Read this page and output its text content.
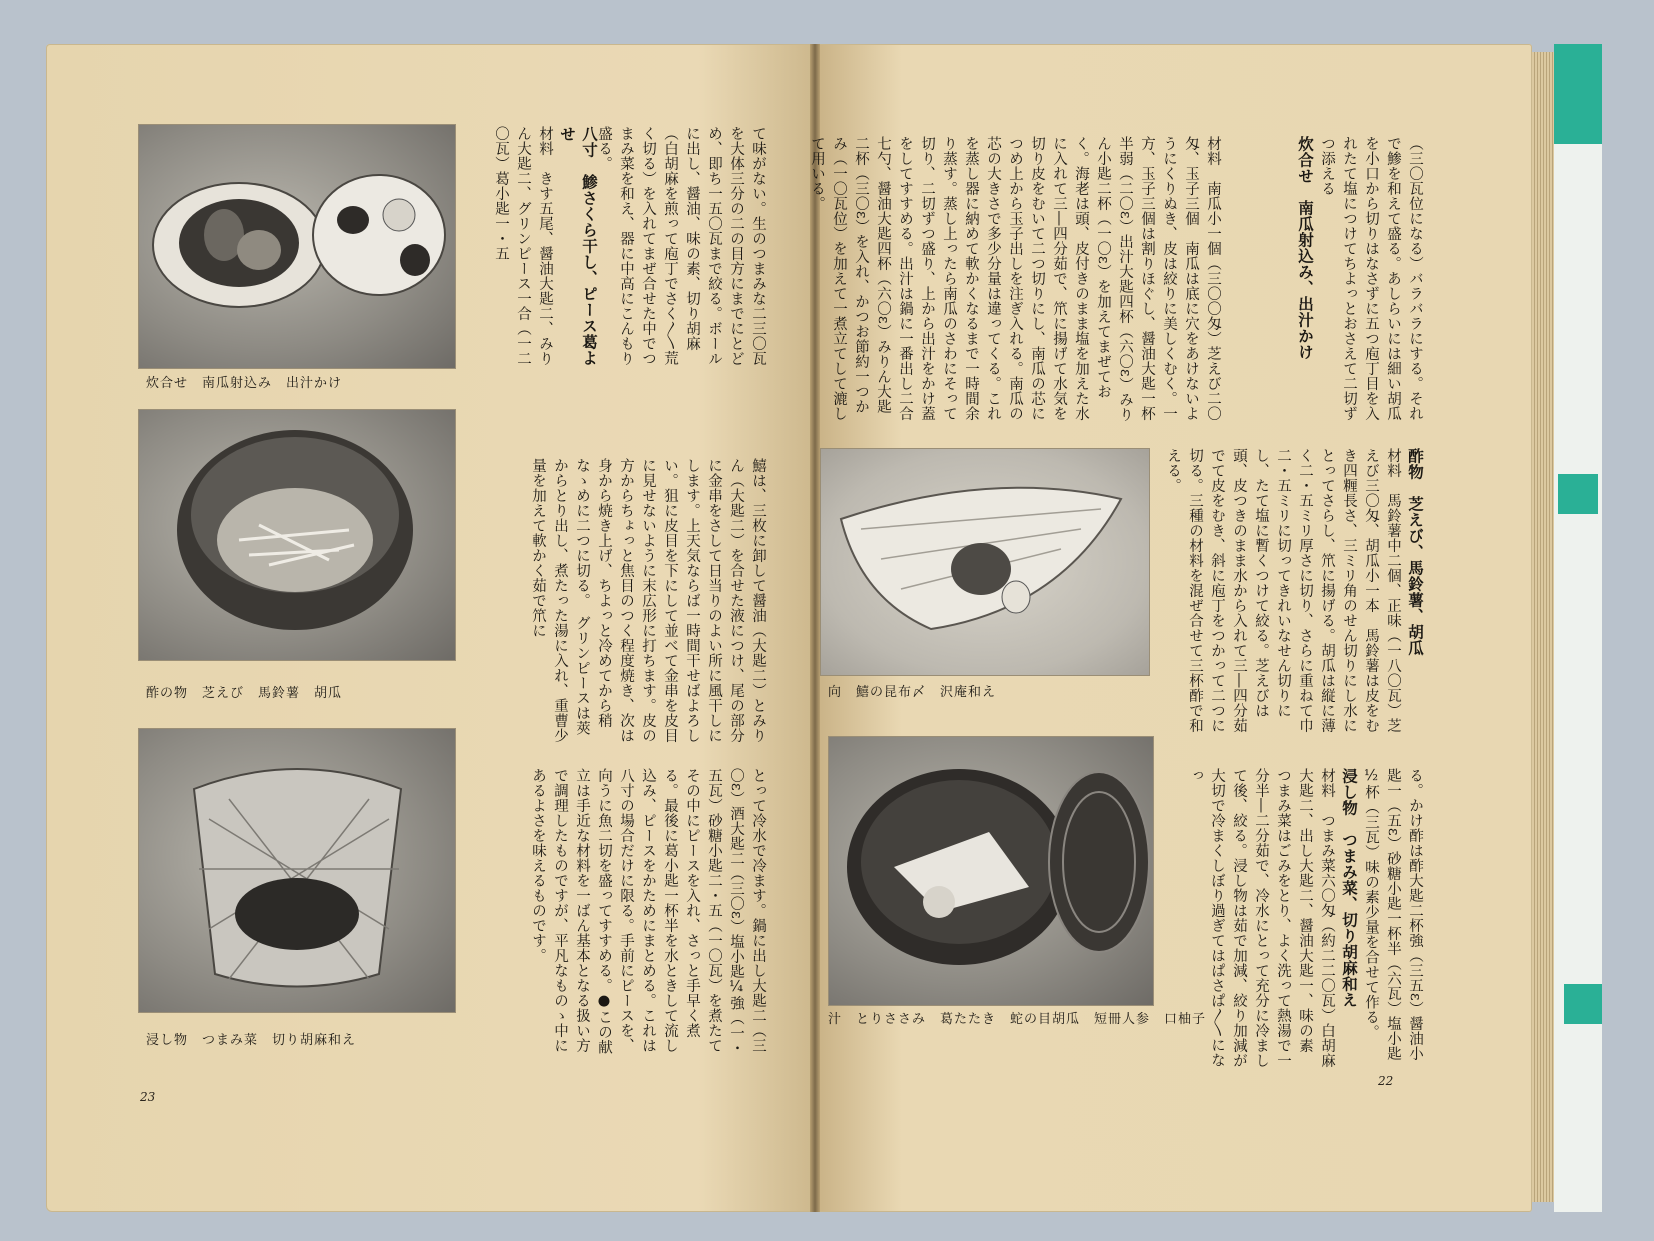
炊合せ　南瓜射込み　出汁かけ
酢の物　芝えび　馬鈴薯　胡瓜
浸し物　つまみ菜　切り胡麻和え

て味がない。生のつまみな二三〇瓦を大体三分の二の目方にまでにとどめ、即ち一五〇瓦まで絞る。ボールに出し、醤油、味の素、切り胡麻（白胡麻を煎って庖丁でさく〳〵荒く切る）を入れてまぜ合せた中でつまみ菜を和え、器に中高にこんもり盛る。

八寸　鯵さくら干し、ピース葛よせ

材料　きす五尾、醤油大匙二、みりん大匙二、グリンピース一合（一二〇瓦）葛小匙一・五

鱚は、三枚に卸して醤油（大匙二）とみりん（大匙二）を合せた液につけ、尾の部分に金串をさして日当りのよい所に風干しにします。上天気ならば一時間干せばよろしい。狙に皮目を下にして並べて金串を皮目に見せないように末広形に打ちます。皮の方からちょっと焦目のつく程度焼き、次は身から焼き上げ、ちよっと冷めてから稍なゝめに二つに切る。　グリンピースは莢からとり出し、煮たった湯に入れ、重曹少量を加えて軟かく茹で笊に

とって冷水で冷ます。鍋に出し大匙二（三〇ε）酒大匙二（三〇ε）塩小匙¼強（一・五瓦）砂糖小匙二・五（一〇瓦）を煮たてその中にピースを入れ、さっと手早く煮る。最後に葛小匙一杯半を水ときして流し込み、ピースをかためにまとめる。これは八寸の場合だけに限る。手前にピースを、向うに魚二切を盛ってすすめる。●この献立は手近な材料を一ばん基本となる扱い方で調理したものですが、平凡なものゝ中にあるよさを味えるものです。

23
向　鱚の昆布〆　沢庵和え
汁　とりささみ　葛たたき　蛇の目胡瓜　短冊人参　口柚子

（三〇瓦位になる）バラバラにする。それで鯵を和えて盛る。あしらいには細い胡瓜を小口から切りはなさずに五つ庖丁目を入れたて塩につけてちよっとおさえて二切ずつ添える

炊合せ　南瓜射込み、出汁かけ

材料　南瓜小一個（三〇〇匁）芝えび二〇匁、玉子三個　南瓜は底に穴をあけないようにくりぬき、皮は絞りに美しくむく。一方、玉子三個は割りほぐし、醤油大匙一杯半弱（二〇ε）出汁大匙四杯（六〇ε）みりん小匙二杯（一〇ε）を加えてまぜておく。海老は頭、皮付きのまま塩を加えた水に入れて三―四分茹で、笊に揚げて水気を切り皮をむいて二つ切りにし、南瓜の芯につめ上から玉子出しを注ぎ入れる。南瓜の芯の大きさで多少分量は違ってくる。これを蒸し器に納めて軟かくなるまで一時間余り蒸す。蒸し上ったら南瓜のさわにそって切り、二切ずつ盛り、上から出汁をかけ蓋をしてすすめる。出汁は鍋に一番出し二合七勺、醤油大匙四杯（六〇ε）みりん大匙二杯（三〇ε）を入れ、かつお節約一つかみ（一〇瓦位）を加えて一煮立てして漉して用いる。

酢物　芝えび、馬鈴薯、胡瓜

材料　馬鈴薯中二個、正味（一八〇瓦）芝えび三〇匁、胡瓜小一本　馬鈴薯は皮をむき四糎長さ、三ミリ角のせん切りにし水にとってさらし、笊に揚げる。胡瓜は縦に薄く二・五ミリ厚さに切り、さらに重ねて巾二・五ミリに切ってきれいなせん切りにし、たて塩に暫くつけて絞る。芝えびは頭、皮つきのまま水から入れて三―四分茹でて皮をむき、斜に庖丁をつかって二つに切る。三種の材料を混ぜ合せて三杯酢で和える。

る。かけ酢は酢大匙二杯強（三五ε）醤油小匙一（五ε）砂糖小匙一杯半（六瓦）塩小匙½杯（三瓦）味の素少量を合せて作る。

浸し物　つまみ菜、切り胡麻和え

材料　つまみ菜六〇匁（約二二〇瓦）白胡麻大匙二、出し大匙二、醤油大匙一、味の素　つまみ菜はごみをとり、よく洗って熱湯で一分半―二分茹で、冷水にとって充分に冷まして後、絞る。浸し物は茹で加減、絞り加減が大切で冷まくしぼり過ぎてはぱさぱ〳〵になっ

22
